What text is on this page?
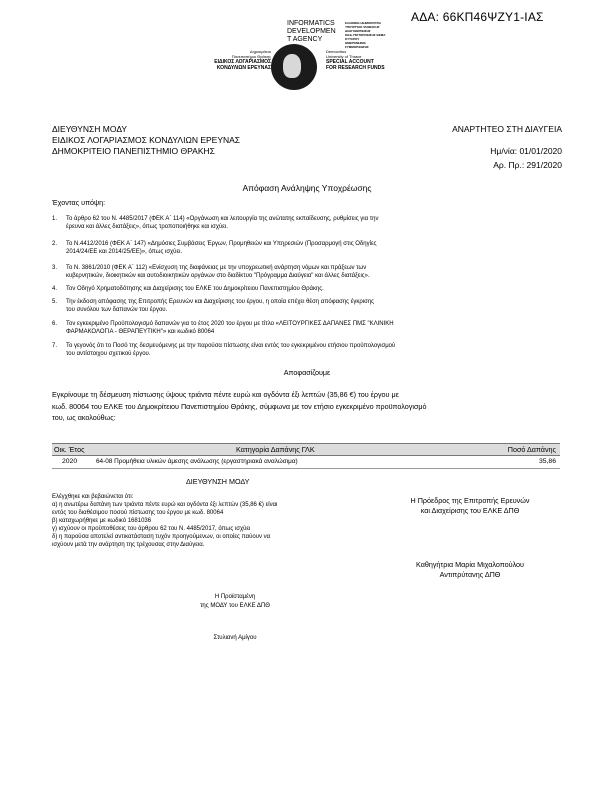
ΑΔΑ: 66ΚΠ46ΨΖΥ1-ΙΑΣ
INFORMATICS
DEVELOPMEN
T AGENCY
ΕΛΛΗΝΙΚΗ ΔΗΜΟΚΡΑΤΙΑ
ΥΠΟΥΡΓΕΙΟ ΨΗΦΙΑΚΗΣ
ΔΙΑΚΥΒΕΡΝΗΣΗΣ
ΚΩΔ. ΠΙΣΤΟΠΟΙΗΣΗΣ ΘΕΜΑ
ΚΥΤΑΡΟΥ
ΗΜΕΡΟΜΗΝΙΑ
ΣΥΜΜΟΡΦΩΣΗΣ
Δημοκρίτειο
Πανεπιστήμιο Θράκης
ΕΙΔΙΚΟΣ ΛΟΓΑΡΙΑΣΜΟΣ
ΚΟΝΔΥΛΙΩΝ ΕΡΕΥΝΑΣ
Democritus
University of Thrace
SPECIAL ACCOUNT
FOR RESEARCH FUNDS
ΔΙΕΥΘΥΝΣΗ ΜΟΔΥ
ΕΙΔΙΚΟΣ ΛΟΓΑΡΙΑΣΜΟΣ ΚΟΝΔΥΛΙΩΝ ΕΡΕΥΝΑΣ
ΔΗΜΟΚΡΙΤΕΙΟ ΠΑΝΕΠΙΣΤΗΜΙΟ ΘΡΑΚΗΣ
ΑΝΑΡΤΗΤΕΟ ΣΤΗ ΔΙΑΥΓΕΙΑ
Ημ/νία: 01/01/2020
Αρ. Πρ.: 291/2020
Απόφαση Ανάληψης Υποχρέωσης
Έχοντας υπόψη:
1. Το άρθρο 62 του Ν. 4485/2017 (ΦΕΚ Α΄ 114) «Οργάνωση και λειτουργία της ανώτατης εκπαίδευσης, ρυθμίσεις για την
έρευνα και άλλες διατάξεις», όπως τροποποιήθηκε και ισχύει.
2. Το Ν.4412/2016 (ΦΕΚ Α΄ 147) «Δημόσιες Συμβάσεις Έργων, Προμηθειών και Υπηρεσιών (Προσαρμογή στις Οδηγίες
2014/24/ΕΕ και 2014/25/ΕΕ)», όπως ισχύει.
3. Το Ν. 3861/2010 (ΦΕΚ Α΄ 112) «Ενίσχυση της διαφάνειας με την υποχρεωτική ανάρτηση νόμων και πράξεων των
κυβερνητικών, διοικητικών και αυτοδιοικητικών οργάνων στο διαδίκτυο "Πρόγραμμα Διαύγεια" και άλλες διατάξεις».
4. Τον Οδηγό Χρηματοδότησης και Διαχείρισης του ΕΛΚΕ του Δημοκρίτειου Πανεπιστημίου Θράκης.
5. Την έκδοση απόφασης της Επιτροπής Ερευνών και Διαχείρισης του έργου, η οποία επέχει θέση απόφασης έγκρισης
του συνόλου των δαπανών του έργου.
6. Τον εγκεκριμένο Προϋπολογισμό δαπανών για το έτος 2020 του έργου με τίτλο «ΛΕΙΤΟΥΡΓΙΚΕΣ ΔΑΠΑΝΕΣ ΠΜΣ "ΚΛΙΝΙΚΗ
ΦΑΡΜΑΚΟΛΟΓΙΑ - ΘΕΡΑΠΕΥΤΙΚΗ"» και κωδικό 80064
7. Το γεγονός ότι το Ποσό της δεσμευόμενης με την παρούσα πίστωσης είναι εντός του εγκεκριμένου ετήσιου προϋπολογισμού
του αντίστοιχου σχετικού έργου.
Αποφασίζουμε
Εγκρίνουμε τη δέσμευση πίστωσης ύψους τριάντα πέντε ευρώ και ογδόντα έξι λεπτών (35,86 €) του έργου με
κωδ. 80064 του ΕΛΚΕ του Δημοκρίτειου Πανεπιστημίου Θράκης, σύμφωνα με τον ετήσιο εγκεκριμένο προϋπολογισμό
του, ως ακολούθως:
Οικ. Έτος	Κατηγορία Δαπάνης ΓΛΚ	Ποσό Δαπάνης
2020	64-08 Προμήθεια υλικών άμεσης ανάλωσης (εργαστηριακά αναλώσιμα)	35,86
ΔΙΕΥΘΥΝΣΗ ΜΟΔΥ
Ελέγχθηκε και βεβαιώνεται ότι:
α) η ανωτέρω δαπάνη των τριάντα πέντε ευρώ και ογδόντα έξι λεπτών (35,86 €) είναι
εντός του διαθέσιμου ποσού πίστωσης του έργου με κωδ. 80064
β) καταχωρήθηκε με κωδικό 1681036
γ) ισχύουν οι προϋποθέσεις του άρθρου 62 του Ν. 4485/2017, όπως ισχύει
δ) η παρούσα αποτελεί αντικατάσταση τυχόν προηγούμενων, οι οποίες παύουν να
ισχύουν μετά την ανάρτηση της τρέχουσας στην Διαύγεια.
Η Πρόεδρος της Επιτροπής Ερευνών
και Διαχείρισης του ΕΛΚΕ ΔΠΘ
Καθηγήτρια Μαρία Μιχαλοπούλου
Αντιπρύτανης ΔΠΘ
Η Προϊσταμένη
της ΜΟΔΥ του ΕΛΚΕ ΔΠΘ
Στυλιανή Αμίγου
